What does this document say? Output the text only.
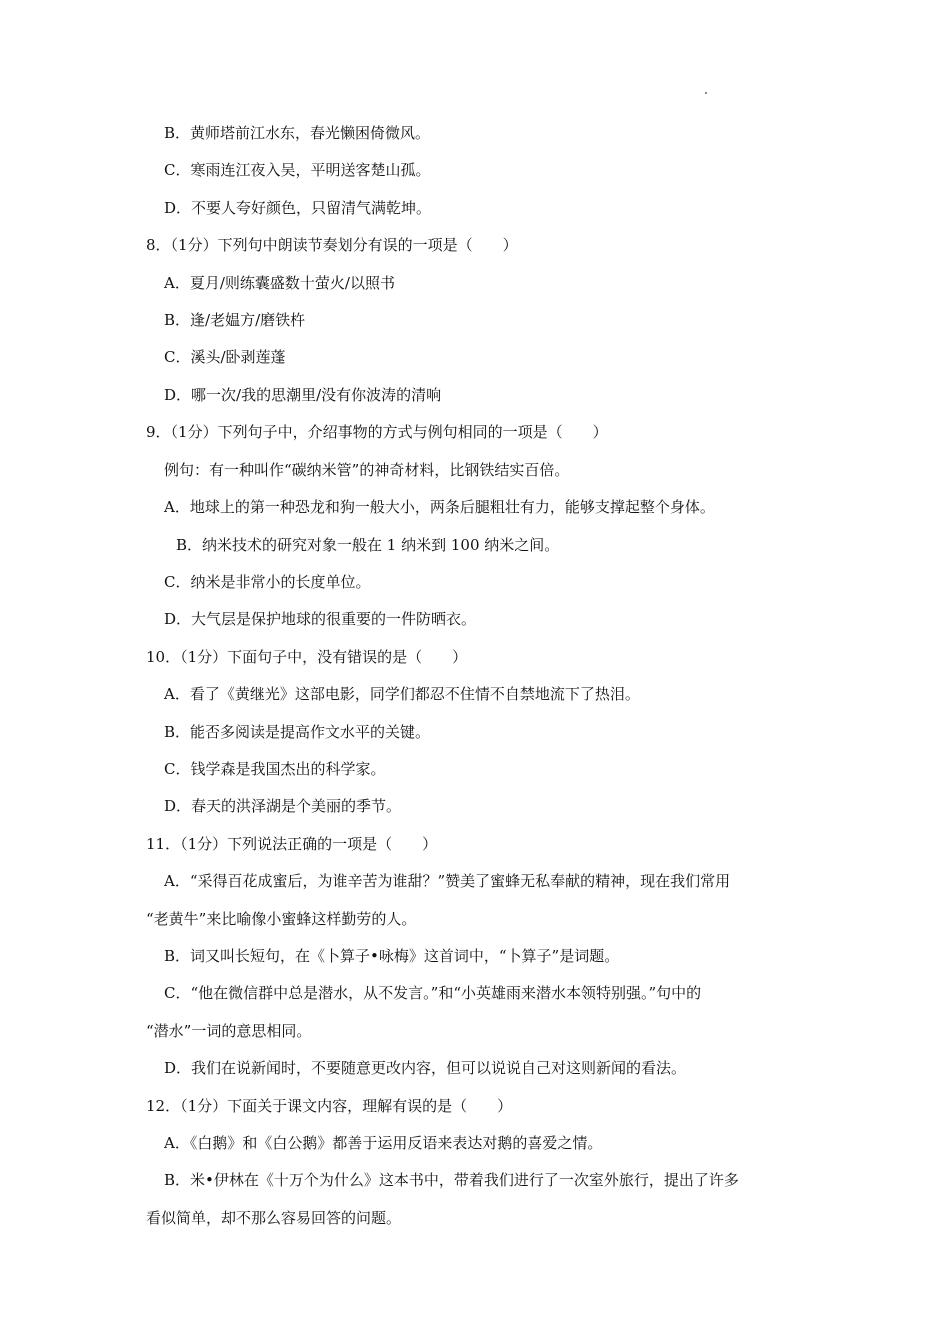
B．黄师塔前江水东，春光懒困倚微风。
C．寒雨连江夜入吴，平明送客楚山孤。
D．不要人夸好颜色，只留清气满乾坤。
8．（1分）下列句中朗读节奏划分有误的一项是（　　）
A．夏月/则练囊盛数十萤火/以照书
B．逢/老媪方/磨铁杵
C．溪头/卧剥莲蓬
D．哪一次/我的思潮里/没有你波涛的清响
9．（1分）下列句子中，介绍事物的方式与例句相同的一项是（　　）
例句：有一种叫作“碳纳米管”的神奇材料，比钢铁结实百倍。
A．地球上的第一种恐龙和狗一般大小，两条后腿粗壮有力，能够支撑起整个身体。
B．纳米技术的研究对象一般在 1 纳米到 100 纳米之间。
C．纳米是非常小的长度单位。
D．大气层是保护地球的很重要的一件防晒衣。
10．（1分）下面句子中，没有错误的是（　　）
A．看了《黄继光》这部电影，同学们都忍不住情不自禁地流下了热泪。
B．能否多阅读是提高作文水平的关键。
C．钱学森是我国杰出的科学家。
D．春天的洪泽湖是个美丽的季节。
11．（1分）下列说法正确的一项是（　　）
A．“采得百花成蜜后，为谁辛苦为谁甜？”赞美了蜜蜂无私奉献的精神，现在我们常用
“老黄牛”来比喻像小蜜蜂这样勤劳的人。
B．词又叫长短句，在《卜算子•咏梅》这首词中，“卜算子”是词题。
C．“他在微信群中总是潜水，从不发言。”和“小英雄雨来潜水本领特别强。”句中的
“潜水”一词的意思相同。
D．我们在说新闻时，不要随意更改内容，但可以说说自己对这则新闻的看法。
12．（1分）下面关于课文内容，理解有误的是（　　）
A．《白鹅》和《白公鹅》都善于运用反语来表达对鹅的喜爱之情。
B．米•伊林在《十万个为什么》这本书中，带着我们进行了一次室外旅行，提出了许多
看似简单，却不那么容易回答的问题。
